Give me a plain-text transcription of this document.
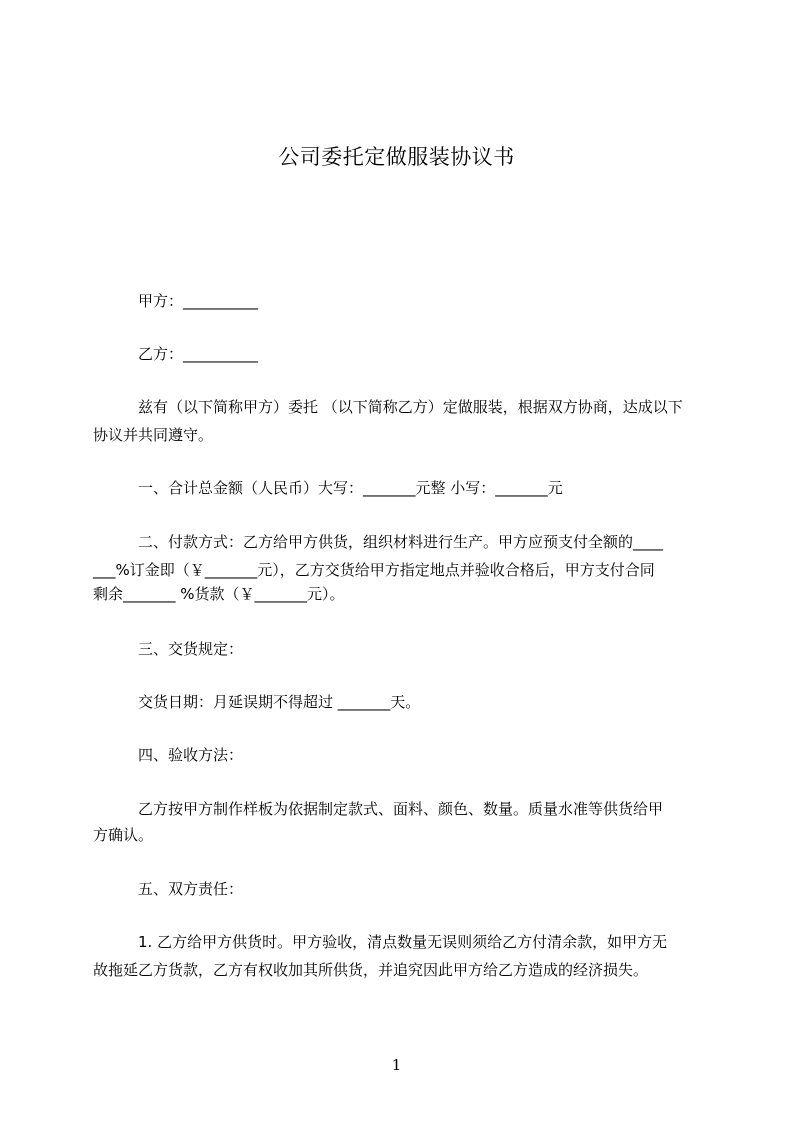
公司委托定做服装协议书
甲方：__________
乙方：__________
兹有（以下简称甲方）委托 （以下简称乙方）定做服装，根据双方协商，达成以下
协议并共同遵守。
一、合计总金额（人民币）大写：_______元整 小写：_______元
二、付款方式：乙方给甲方供货，组织材料进行生产。甲方应预支付全额的____
___%订金即（￥_______元），乙方交货给甲方指定地点并验收合格后，甲方支付合同
剩余_______ %货款（￥_______元）。
三、交货规定：
交货日期：月延误期不得超过 _______天。
四、验收方法：
乙方按甲方制作样板为依据制定款式、面料、颜色、数量。质量水准等供货给甲
方确认。
五、双方责任：
1. 乙方给甲方供货时。甲方验收，清点数量无误则须给乙方付清余款，如甲方无
故拖延乙方货款，乙方有权收加其所供货，并追究因此甲方给乙方造成的经济损失。
1
